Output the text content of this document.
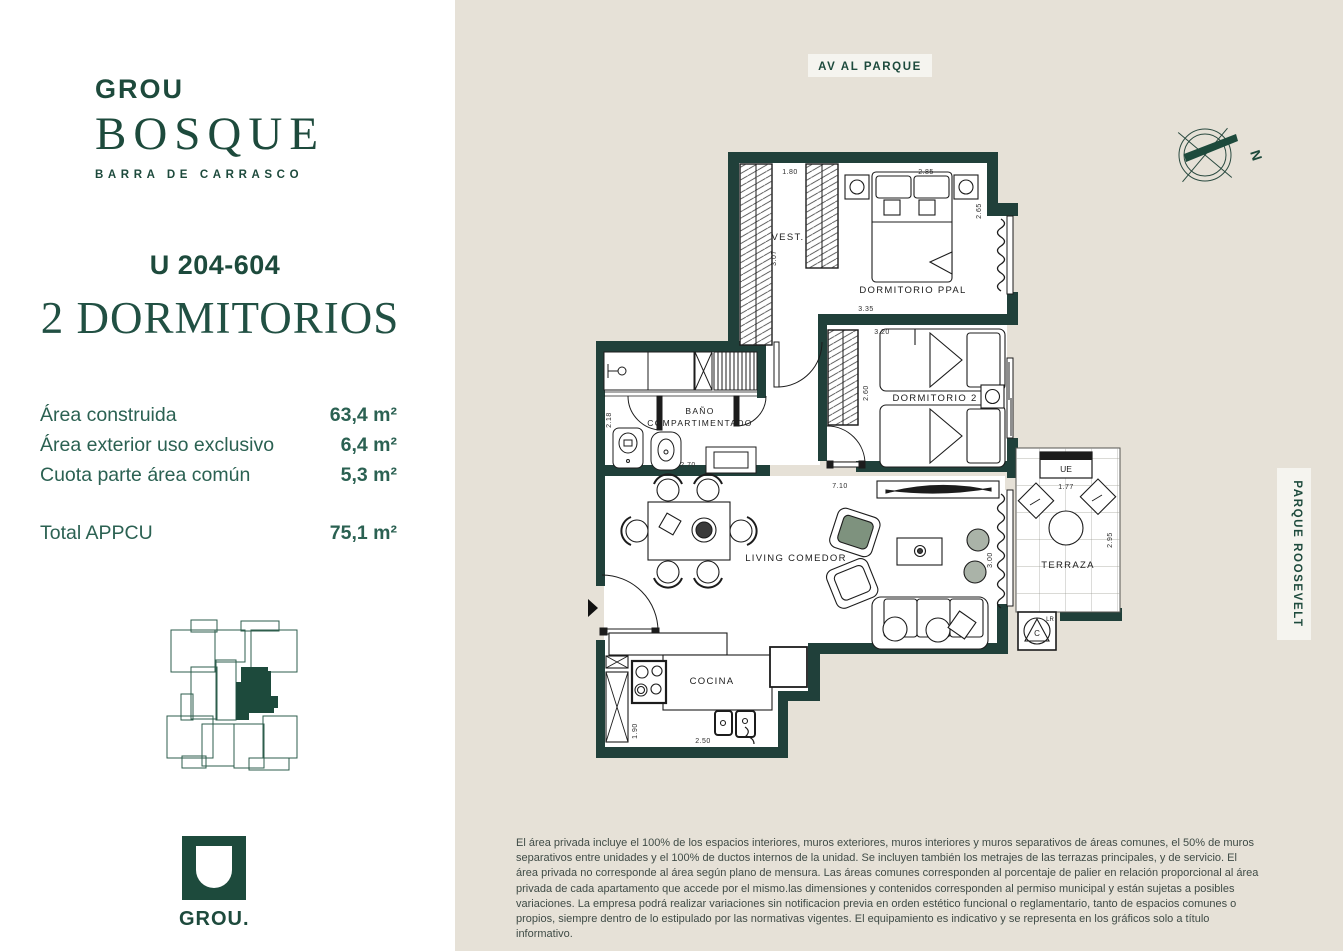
GROU
BOSQUE
BARRA DE CARRASCO
U 204-604
2 DORMITORIOS
Área construida	63,4 m²
Área exterior uso exclusivo	6,4 m²
Cuota parte área común	5,3 m²
Total APPCU	75,1 m²
GROU.
AV AL PARQUE
PARQUE ROOSEVELT
N
VEST.
1.80
3.07
DORMITORIO PPAL
2.85
2.65
3.35
DORMITORIO 2
3.20
2.60
BAÑO
COMPARTIMENTADO
2.18
2.70
LIVING COMEDOR
7.10
3.00
COCINA
1.90
2.50
UE
1.77
TERRAZA
2.95
C
LR
El área privada incluye el 100% de los espacios interiores, muros exteriores, muros interiores y muros separativos de áreas comunes, el 50% de muros separativos entre unidades y el 100% de ductos internos de la unidad. Se incluyen también los metrajes de las terrazas principales, y de servicio. El área privada no corresponde al área según plano de mensura. Las áreas comunes corresponden al porcentaje de palier en relación proporcional al área privada de cada apartamento que accede por el mismo.las dimensiones y contenidos corresponden al permiso municipal y están sujetas a posibles variaciones. La empresa podrá realizar variaciones sin notificacion previa en orden estético funcional o reglamentario, tanto de espacios comunes o propios, siempre dentro de lo estipulado por las normativas vigentes. El equipamiento es indicativo y se representa en los gráficos solo a título informativo.
